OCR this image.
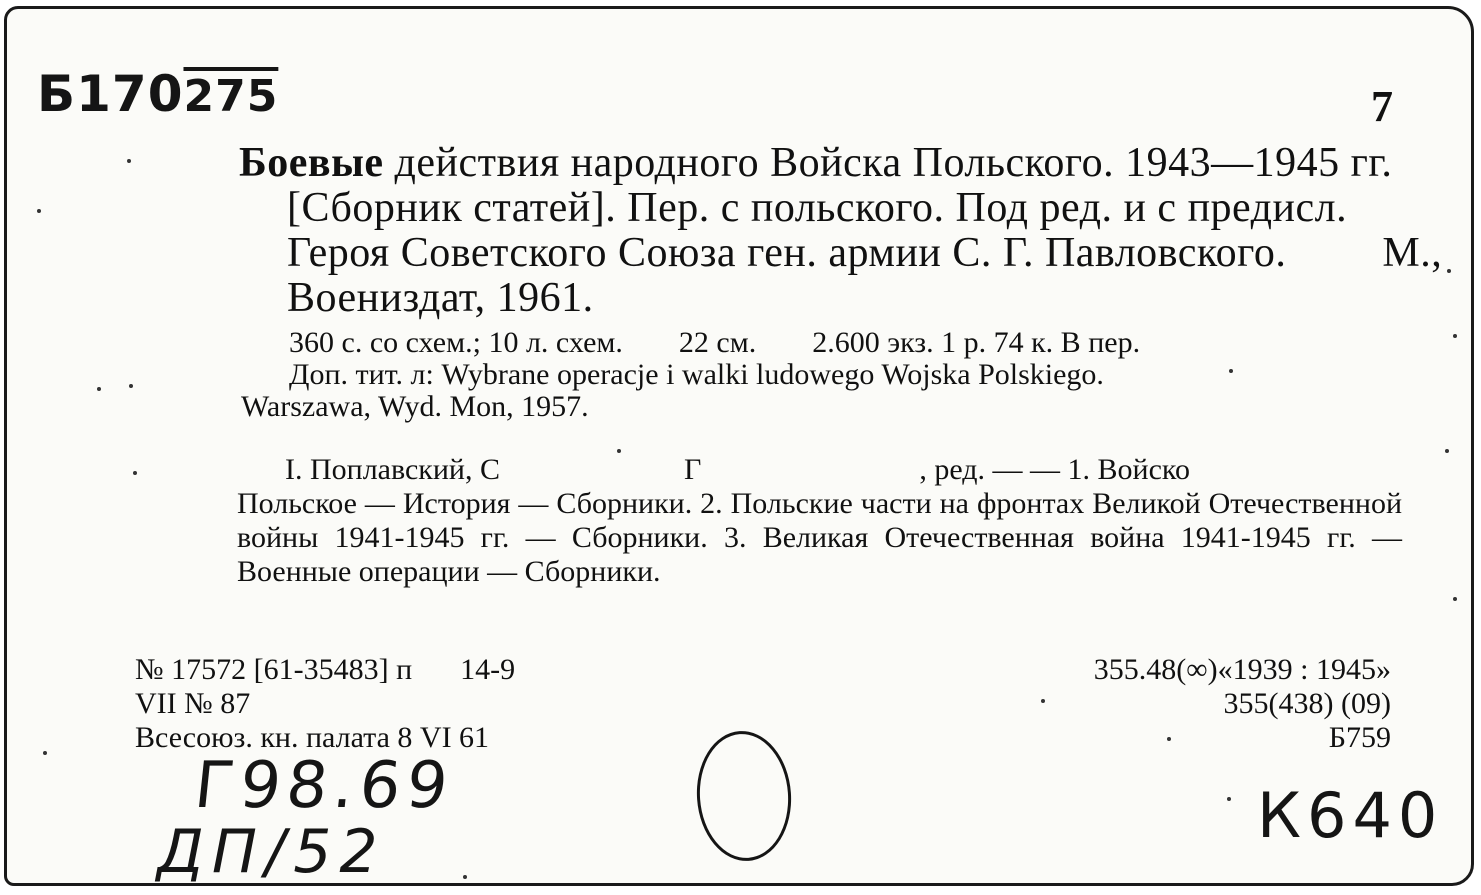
Б170275	7
Боевые действия народного Войска Польского. 1943—1945 гг. [Сборник статей]. Пер. с польского. Под ред. и с предисл. Героя Советского Союза ген. армии С. Г. Павловского. М., Воениздат, 1961.
360 с. со схем.; 10 л. схем. 22 см. 2.600 экз. 1 р. 74 к. В пер.
Доп. тит. л: Wybrane operacje i walki ludowego Wojska Polskiego.
Warszawa, Wyd. Mon, 1957.
I. Поплавский, С	Г	, ред. — — 1. Войско
Польское — История — Сборники. 2. Польские части на фронтах Великой Отечественной войны 1941-1945 гг. — Сборники. 3. Великая Отечественная война 1941-1945 гг. — Военные операции — Сборники.
№ 17572 [61-35483] п 14-9
VII № 87
Всесоюз. кн. палата 8 VI 61
355.48(∞)«1939 : 1945»
355(438) (09)
Б759
Г98.69
ДП/52	К640
